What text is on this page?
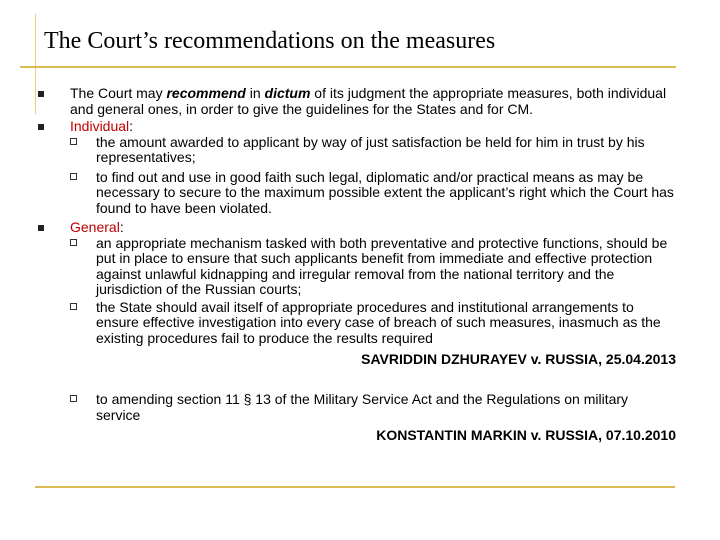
The Court’s recommendations on the measures
The Court may recommend in dictum of its judgment the appropriate measures, both individual and general ones, in order to give the guidelines for the States and for CM.
Individual:
the amount awarded to applicant by way of just satisfaction be held for him in trust by his representatives;
to find out and use in good faith such legal, diplomatic and/or practical means as may be necessary to secure to the maximum possible extent the applicant’s right which the Court has found to have been violated.
General:
an appropriate mechanism tasked with both preventative and protective functions, should be put in place to ensure that such applicants benefit from immediate and effective protection against unlawful kidnapping and irregular removal from the national territory and the jurisdiction of the Russian courts;
the State should avail itself of appropriate procedures and institutional arrangements to ensure effective investigation into every case of breach of such measures, inasmuch as the existing procedures fail to produce the results required
SAVRIDDIN DZHURAYEV v. RUSSIA, 25.04.2013
to amending section 11 § 13 of the Military Service Act and the Regulations on military service
KONSTANTIN MARKIN v. RUSSIA, 07.10.2010
